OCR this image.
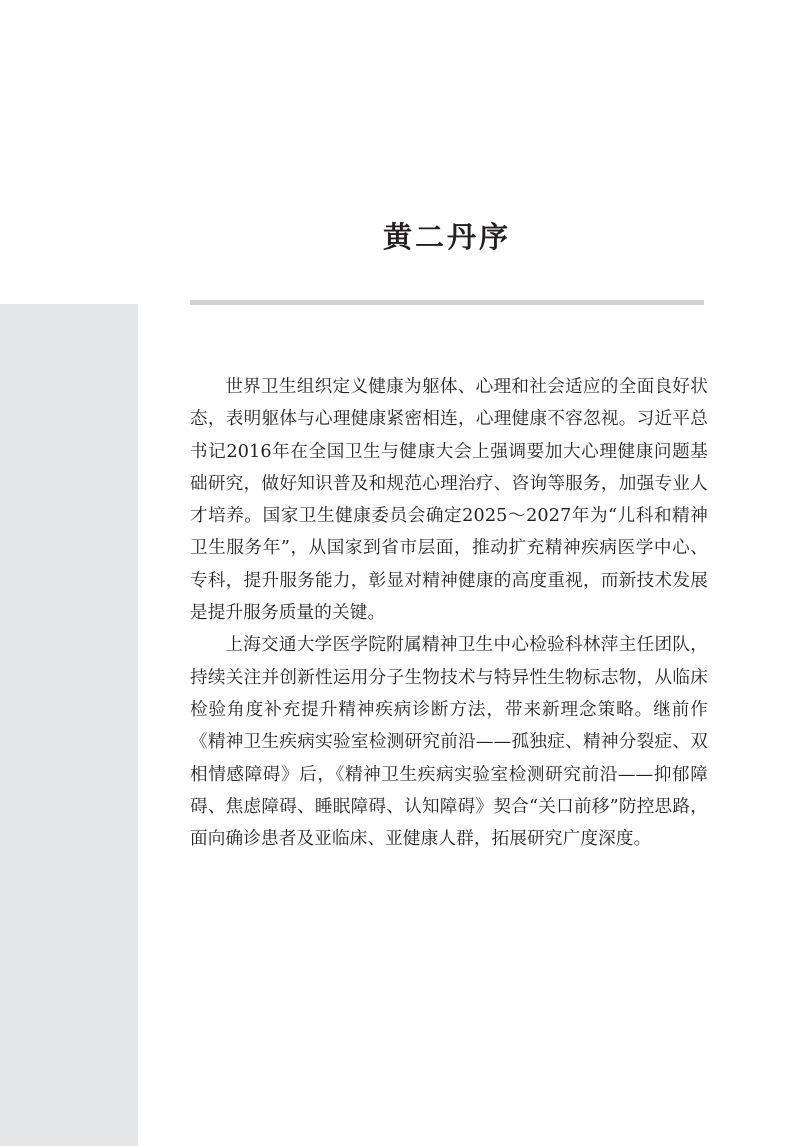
黄二丹序

世界卫生组织定义健康为躯体、心理和社会适应的全面良好状态，表明躯体与心理健康紧密相连，心理健康不容忽视。习近平总书记2016年在全国卫生与健康大会上强调要加大心理健康问题基础研究，做好知识普及和规范心理治疗、咨询等服务，加强专业人才培养。国家卫生健康委员会确定2025～2027年为“儿科和精神卫生服务年”，从国家到省市层面，推动扩充精神疾病医学中心、专科，提升服务能力，彰显对精神健康的高度重视，而新技术发展是提升服务质量的关键。

上海交通大学医学院附属精神卫生中心检验科林萍主任团队，持续关注并创新性运用分子生物技术与特异性生物标志物，从临床检验角度补充提升精神疾病诊断方法，带来新理念策略。继前作《精神卫生疾病实验室检测研究前沿——孤独症、精神分裂症、双相情感障碍》后，《精神卫生疾病实验室检测研究前沿——抑郁障碍、焦虑障碍、睡眠障碍、认知障碍》契合“关口前移”防控思路，面向确诊患者及亚临床、亚健康人群，拓展研究广度深度。
